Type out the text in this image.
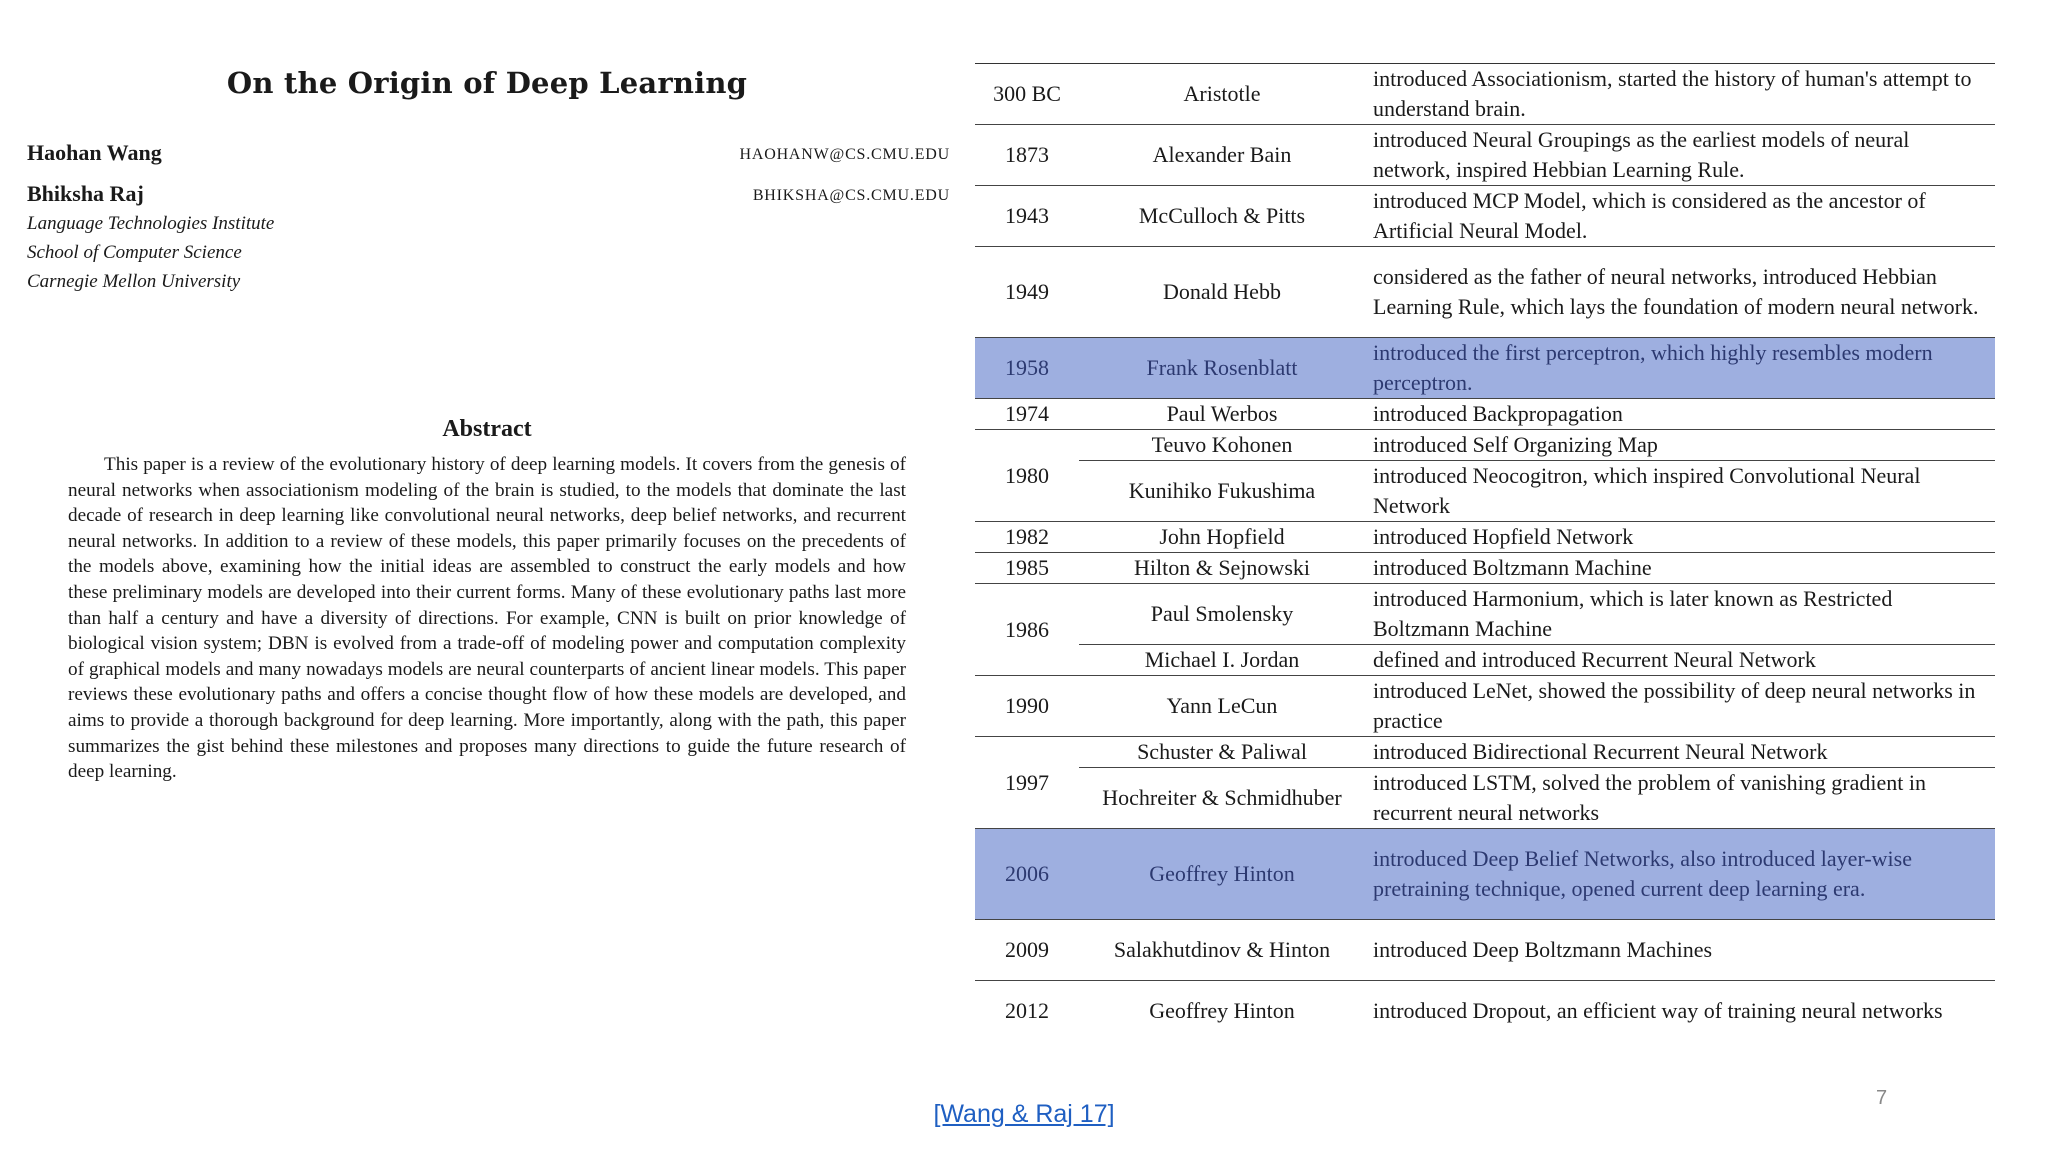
On the Origin of Deep Learning
Haohan Wang	HAOHANW@CS.CMU.EDU
Bhiksha Raj	BHIKSHA@CS.CMU.EDU
Language Technologies Institute
School of Computer Science
Carnegie Mellon University
Abstract
This paper is a review of the evolutionary history of deep learning models. It covers from the genesis of neural networks when associationism modeling of the brain is studied, to the models that dominate the last decade of research in deep learning like convolutional neural networks, deep belief networks, and recurrent neural networks. In addition to a review of these models, this paper primarily focuses on the precedents of the models above, examining how the initial ideas are assembled to construct the early models and how these preliminary models are developed into their current forms. Many of these evolutionary paths last more than half a century and have a diversity of directions. For example, CNN is built on prior knowledge of biological vision system; DBN is evolved from a trade-off of modeling power and computation complexity of graphical models and many nowadays models are neural counterparts of ancient linear models. This paper reviews these evolutionary paths and offers a concise thought flow of how these models are developed, and aims to provide a thorough background for deep learning. More importantly, along with the path, this paper summarizes the gist behind these milestones and proposes many directions to guide the future research of deep learning.
300 BC	Aristotle	introduced Associationism, started the history of human's attempt to understand brain.
1873	Alexander Bain	introduced Neural Groupings as the earliest models of neural network, inspired Hebbian Learning Rule.
1943	McCulloch & Pitts	introduced MCP Model, which is considered as the ancestor of Artificial Neural Model.
1949	Donald Hebb	considered as the father of neural networks, introduced Hebbian Learning Rule, which lays the foundation of modern neural network.
1958	Frank Rosenblatt	introduced the first perceptron, which highly resembles modern perceptron.
1974	Paul Werbos	introduced Backpropagation
1980	Teuvo Kohonen	introduced Self Organizing Map
	Kunihiko Fukushima	introduced Neocogitron, which inspired Convolutional Neural Network
1982	John Hopfield	introduced Hopfield Network
1985	Hilton & Sejnowski	introduced Boltzmann Machine
1986	Paul Smolensky	introduced Harmonium, which is later known as Restricted Boltzmann Machine
	Michael I. Jordan	defined and introduced Recurrent Neural Network
1990	Yann LeCun	introduced LeNet, showed the possibility of deep neural networks in practice
1997	Schuster & Paliwal	introduced Bidirectional Recurrent Neural Network
	Hochreiter & Schmidhuber	introduced LSTM, solved the problem of vanishing gradient in recurrent neural networks
2006	Geoffrey Hinton	introduced Deep Belief Networks, also introduced layer-wise pretraining technique, opened current deep learning era.
2009	Salakhutdinov & Hinton	introduced Deep Boltzmann Machines
2012	Geoffrey Hinton	introduced Dropout, an efficient way of training neural networks
[Wang & Raj 17]
7
